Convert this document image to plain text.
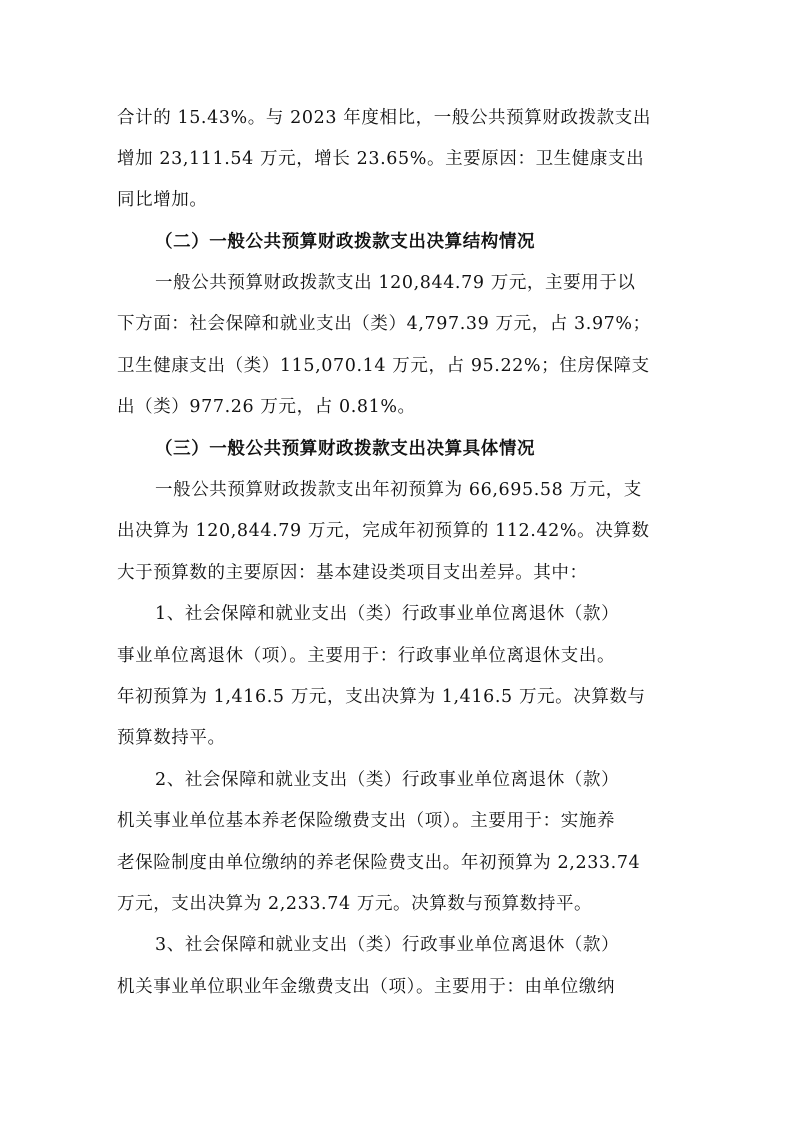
合计的 15.43%。与 2023 年度相比，一般公共预算财政拨款支出
增加 23,111.54 万元，增长 23.65%。主要原因：卫生健康支出
同比增加。
（二）一般公共预算财政拨款支出决算结构情况
一般公共预算财政拨款支出 120,844.79 万元，主要用于以
下方面：社会保障和就业支出（类）4,797.39 万元，占 3.97%；
卫生健康支出（类）115,070.14 万元，占 95.22%；住房保障支
出（类）977.26 万元，占 0.81%。
（三）一般公共预算财政拨款支出决算具体情况
一般公共预算财政拨款支出年初预算为 66,695.58 万元，支
出决算为 120,844.79 万元，完成年初预算的 112.42%。决算数
大于预算数的主要原因：基本建设类项目支出差异。其中：
1、社会保障和就业支出（类）行政事业单位离退休（款）
事业单位离退休（项）。主要用于：行政事业单位离退休支出。
年初预算为 1,416.5 万元，支出决算为 1,416.5 万元。决算数与
预算数持平。
2、社会保障和就业支出（类）行政事业单位离退休（款）
机关事业单位基本养老保险缴费支出（项）。主要用于：实施养
老保险制度由单位缴纳的养老保险费支出。年初预算为 2,233.74
万元，支出决算为 2,233.74 万元。决算数与预算数持平。
3、社会保障和就业支出（类）行政事业单位离退休（款）
机关事业单位职业年金缴费支出（项）。主要用于：由单位缴纳
